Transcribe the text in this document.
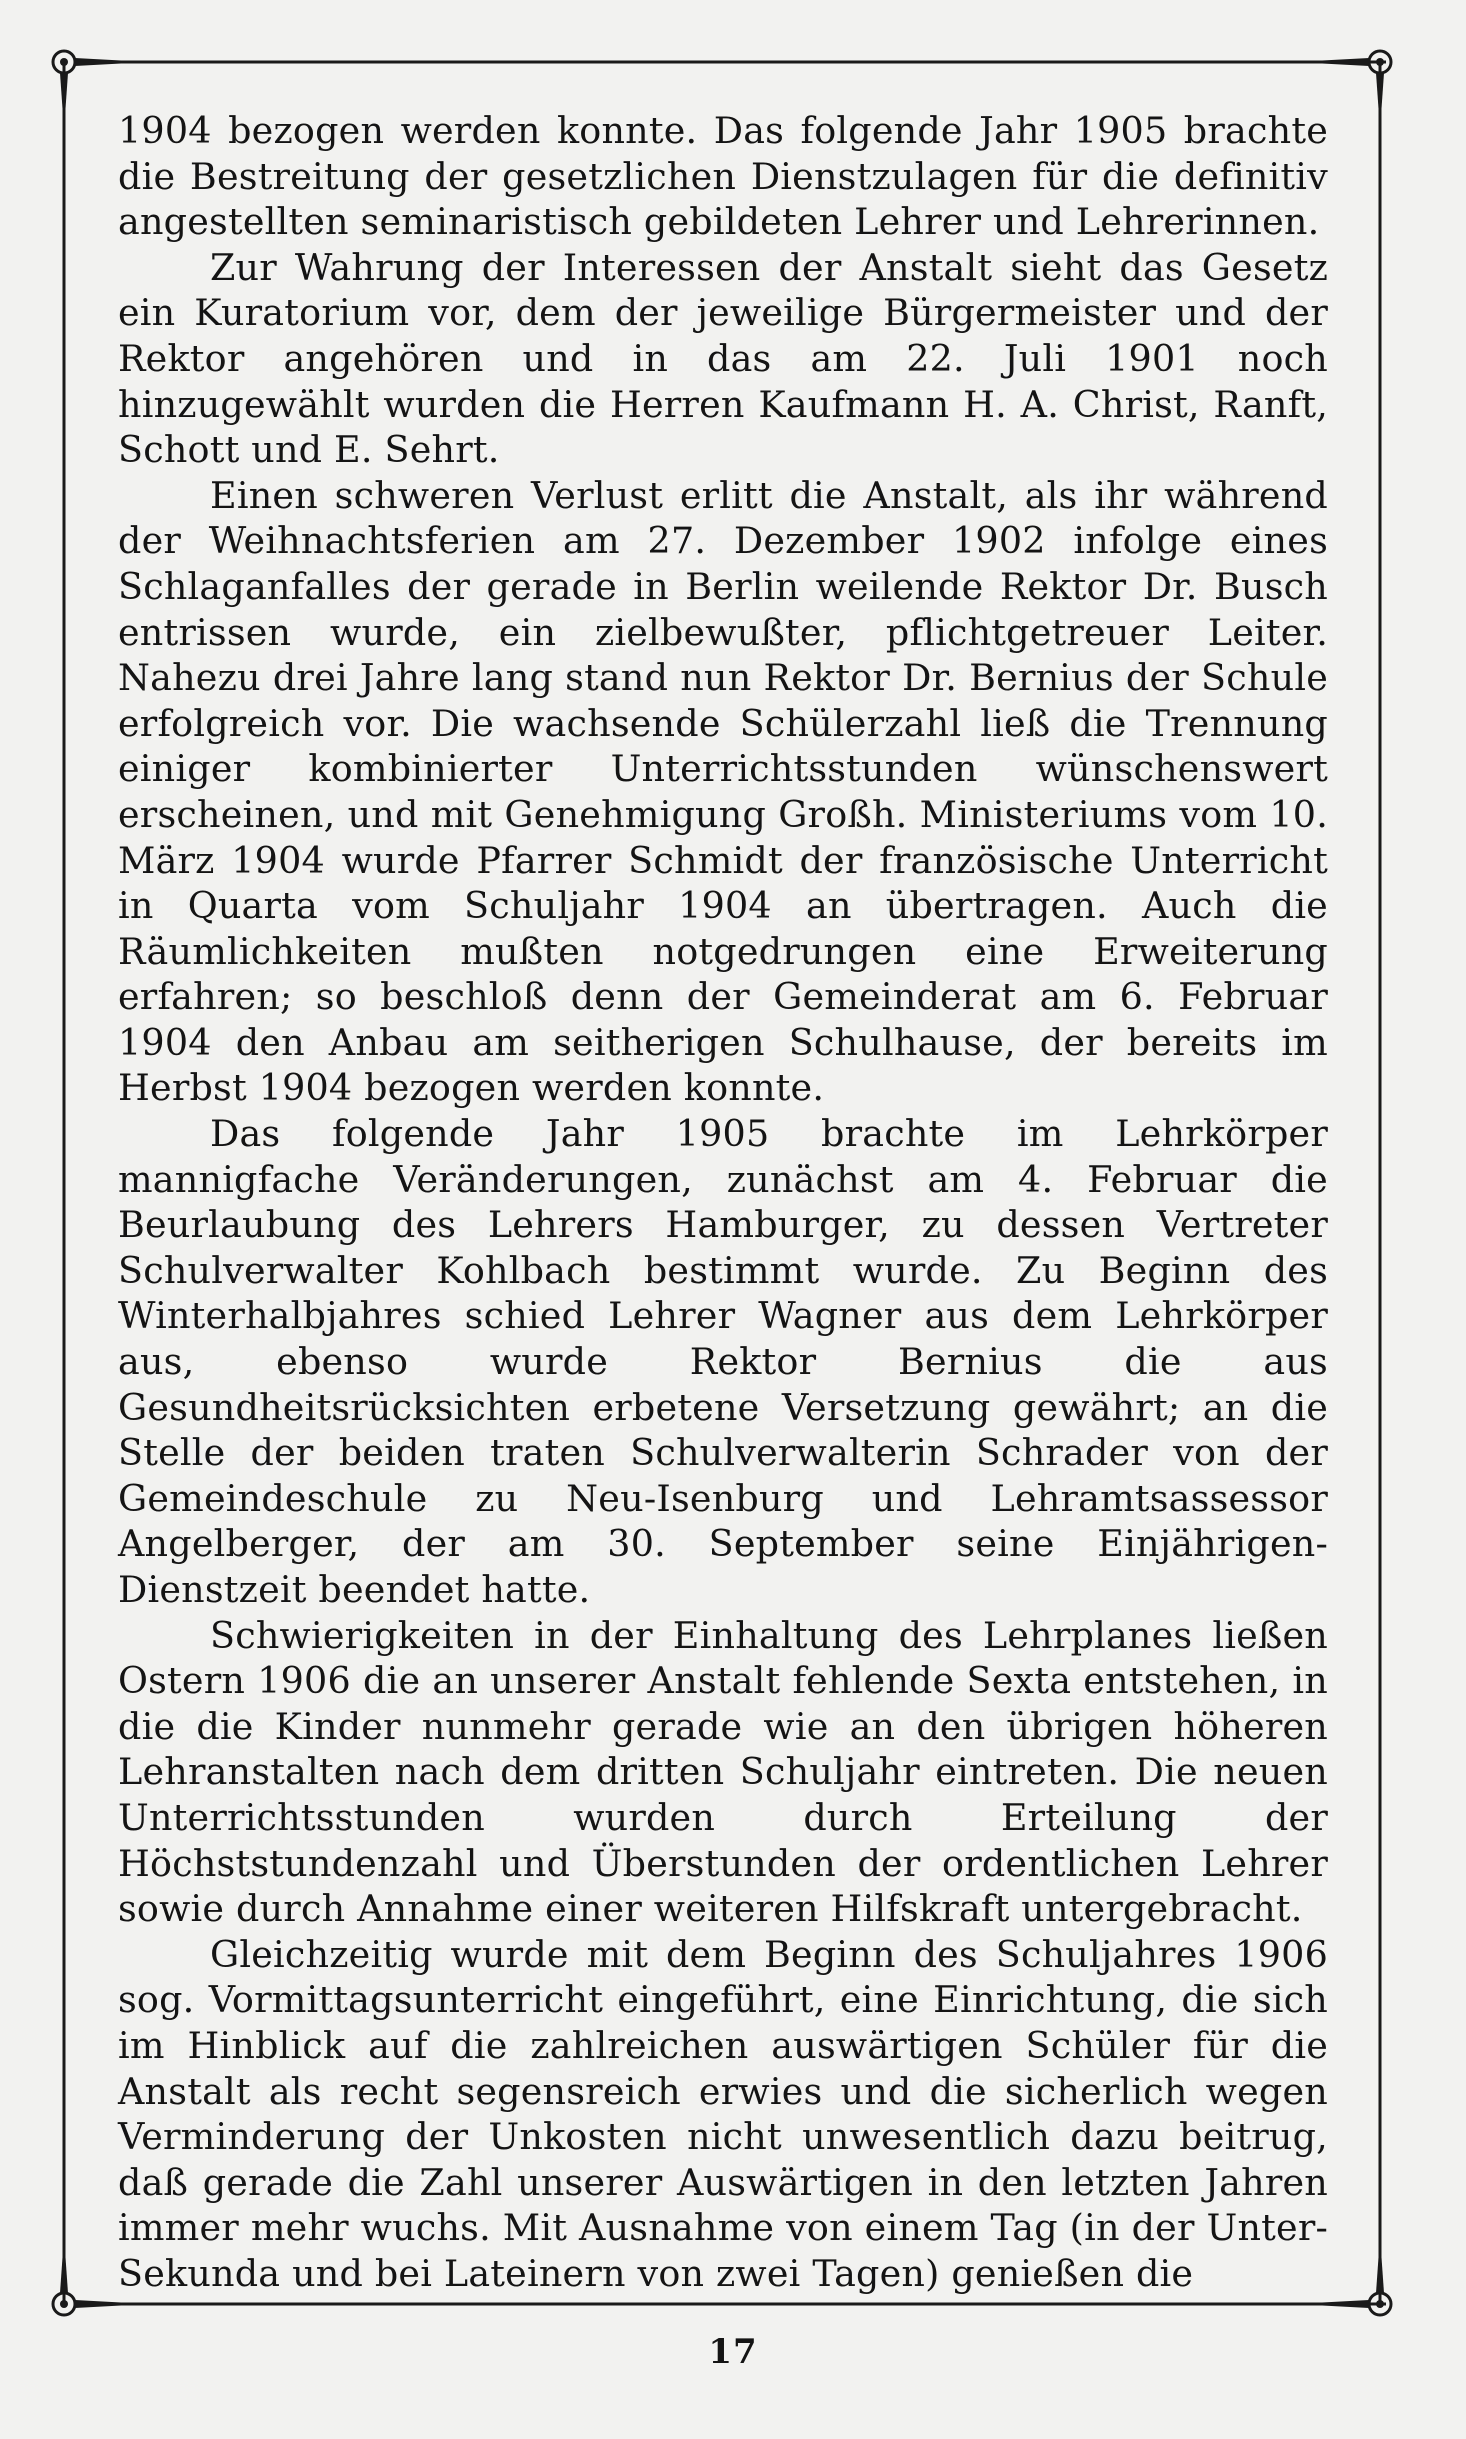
1904 bezogen werden konnte. Das folgende Jahr 1905 brachte die Bestreitung der gesetzlichen Dienstzulagen für die definitiv angestellten seminaristisch gebildeten Lehrer und Lehrerinnen.

Zur Wahrung der Interessen der Anstalt sieht das Gesetz ein Kuratorium vor, dem der jeweilige Bürgermeister und der Rektor angehören und in das am 22. Juli 1901 noch hinzugewählt wurden die Herren Kaufmann H. A. Christ, Ranft, Schott und E. Sehrt.

Einen schweren Verlust erlitt die Anstalt, als ihr während der Weihnachtsferien am 27. Dezember 1902 infolge eines Schlaganfalles der gerade in Berlin weilende Rektor Dr. Busch entrissen wurde, ein zielbewußter, pflichtgetreuer Leiter. Nahezu drei Jahre lang stand nun Rektor Dr. Bernius der Schule erfolgreich vor. Die wachsende Schülerzahl ließ die Trennung einiger kombinierter Unterrichtsstunden wünschenswert erscheinen, und mit Genehmigung Großh. Ministeriums vom 10. März 1904 wurde Pfarrer Schmidt der französische Unterricht in Quarta vom Schuljahr 1904 an übertragen. Auch die Räumlichkeiten mußten notgedrungen eine Erweiterung erfahren; so beschloß denn der Gemeinderat am 6. Februar 1904 den Anbau am seitherigen Schulhause, der bereits im Herbst 1904 bezogen werden konnte.

Das folgende Jahr 1905 brachte im Lehrkörper mannigfache Veränderungen, zunächst am 4. Februar die Beurlaubung des Lehrers Hamburger, zu dessen Vertreter Schulverwalter Kohlbach bestimmt wurde. Zu Beginn des Winterhalbjahres schied Lehrer Wagner aus dem Lehrkörper aus, ebenso wurde Rektor Bernius die aus Gesundheitsrücksichten erbetene Versetzung gewährt; an die Stelle der beiden traten Schulverwalterin Schrader von der Gemeindeschule zu Neu-Isenburg und Lehramtsassessor Angelberger, der am 30. September seine Einjährigen-Dienstzeit beendet hatte.

Schwierigkeiten in der Einhaltung des Lehrplanes ließen Ostern 1906 die an unserer Anstalt fehlende Sexta entstehen, in die die Kinder nunmehr gerade wie an den übrigen höheren Lehranstalten nach dem dritten Schuljahr eintreten. Die neuen Unterrichtsstunden wurden durch Erteilung der Höchststundenzahl und Überstunden der ordentlichen Lehrer sowie durch Annahme einer weiteren Hilfskraft untergebracht.

Gleichzeitig wurde mit dem Beginn des Schuljahres 1906 sog. Vormittagsunterricht eingeführt, eine Einrichtung, die sich im Hinblick auf die zahlreichen auswärtigen Schüler für die Anstalt als recht segensreich erwies und die sicherlich wegen Verminderung der Unkosten nicht unwesentlich dazu beitrug, daß gerade die Zahl unserer Auswärtigen in den letzten Jahren immer mehr wuchs. Mit Ausnahme von einem Tag (in der Unter-Sekunda und bei Lateinern von zwei Tagen) genießen die

17
